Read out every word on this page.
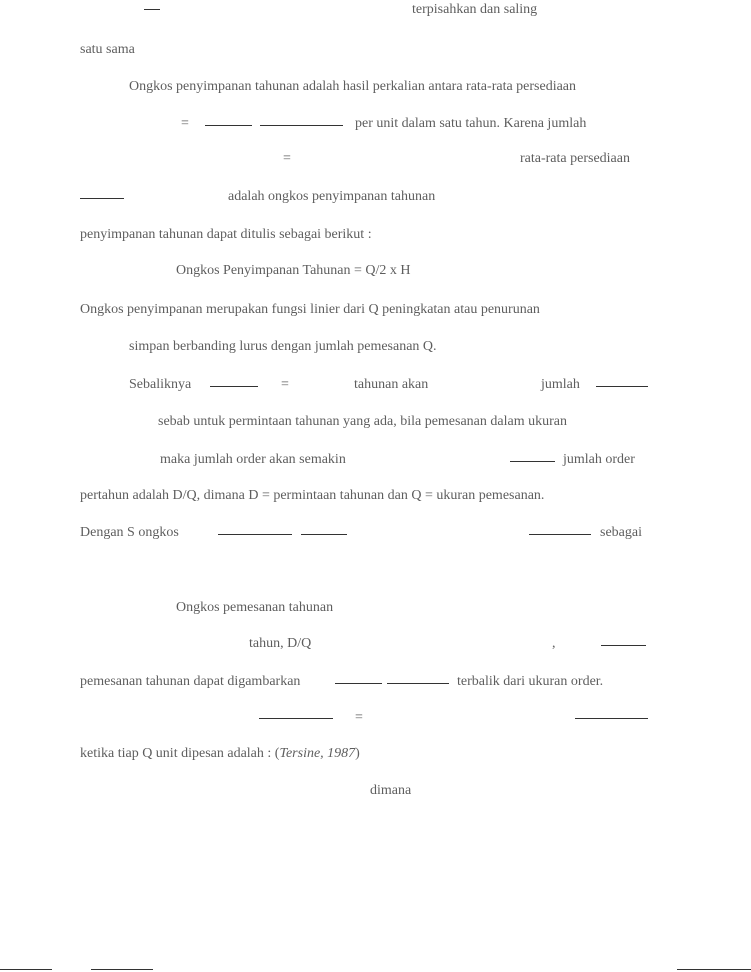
terpisahkan dan saling
satu sama
Ongkos penyimpanan tahunan adalah hasil perkalian antara rata-rata persediaan
=	per unit dalam satu tahun. Karena jumlah
=	rata-rata persediaan
adalah ongkos penyimpanan tahunan
penyimpanan tahunan dapat ditulis sebagai berikut :
Ongkos Penyimpanan Tahunan = Q/2 x H
Ongkos penyimpanan merupakan fungsi linier dari Q peningkatan atau penurunan
simpan berbanding lurus dengan jumlah pemesanan Q.
Sebaliknya	=	tahunan akan	jumlah
sebab untuk permintaan tahunan yang ada, bila pemesanan dalam ukuran
maka jumlah order akan semakin	jumlah order
pertahun adalah D/Q, dimana D = permintaan tahunan dan Q = ukuran pemesanan.
Dengan S ongkos	sebagai
Ongkos pemesanan tahunan
tahun, D/Q	,
pemesanan tahunan dapat digambarkan	terbalik dari ukuran order.
=
ketika tiap Q unit dipesan adalah : (Tersine, 1987)
dimana
